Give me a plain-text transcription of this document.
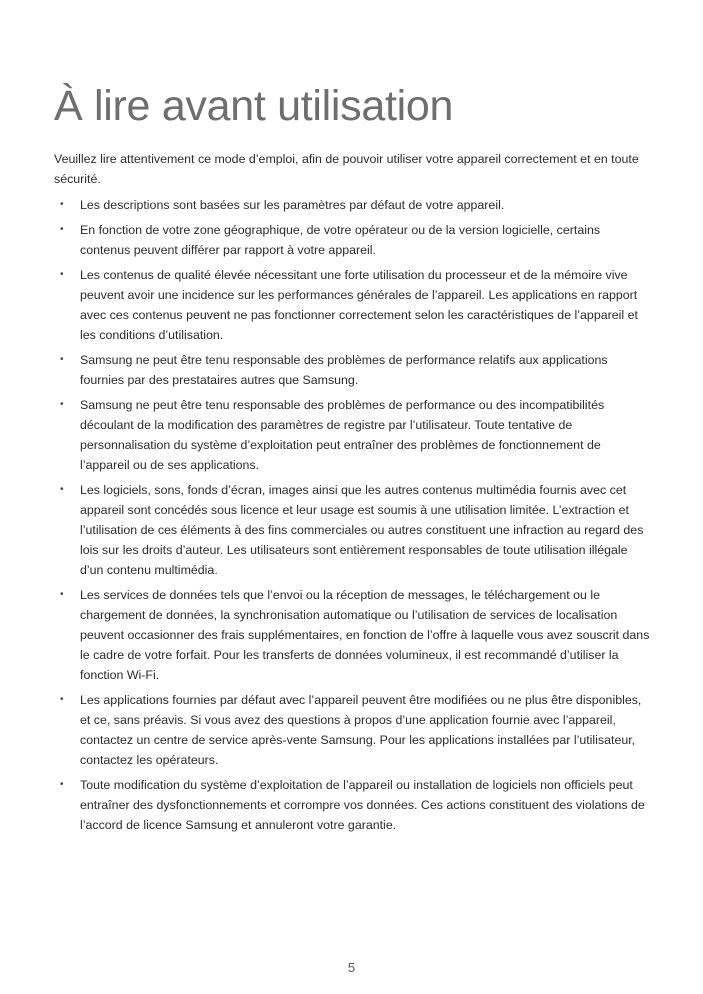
À lire avant utilisation

Veuillez lire attentivement ce mode d’emploi, afin de pouvoir utiliser votre appareil correctement et en toute sécurité.

• Les descriptions sont basées sur les paramètres par défaut de votre appareil.
• En fonction de votre zone géographique, de votre opérateur ou de la version logicielle, certains contenus peuvent différer par rapport à votre appareil.
• Les contenus de qualité élevée nécessitant une forte utilisation du processeur et de la mémoire vive peuvent avoir une incidence sur les performances générales de l’appareil. Les applications en rapport avec ces contenus peuvent ne pas fonctionner correctement selon les caractéristiques de l’appareil et les conditions d’utilisation.
• Samsung ne peut être tenu responsable des problèmes de performance relatifs aux applications fournies par des prestataires autres que Samsung.
• Samsung ne peut être tenu responsable des problèmes de performance ou des incompatibilités découlant de la modification des paramètres de registre par l’utilisateur. Toute tentative de personnalisation du système d’exploitation peut entraîner des problèmes de fonctionnement de l’appareil ou de ses applications.
• Les logiciels, sons, fonds d’écran, images ainsi que les autres contenus multimédia fournis avec cet appareil sont concédés sous licence et leur usage est soumis à une utilisation limitée. L’extraction et l’utilisation de ces éléments à des fins commerciales ou autres constituent une infraction au regard des lois sur les droits d’auteur. Les utilisateurs sont entièrement responsables de toute utilisation illégale d’un contenu multimédia.
• Les services de données tels que l’envoi ou la réception de messages, le téléchargement ou le chargement de données, la synchronisation automatique ou l’utilisation de services de localisation peuvent occasionner des frais supplémentaires, en fonction de l’offre à laquelle vous avez souscrit dans le cadre de votre forfait. Pour les transferts de données volumineux, il est recommandé d’utiliser la fonction Wi-Fi.
• Les applications fournies par défaut avec l’appareil peuvent être modifiées ou ne plus être disponibles, et ce, sans préavis. Si vous avez des questions à propos d’une application fournie avec l’appareil, contactez un centre de service après-vente Samsung. Pour les applications installées par l’utilisateur, contactez les opérateurs.
• Toute modification du système d’exploitation de l’appareil ou installation de logiciels non officiels peut entraîner des dysfonctionnements et corrompre vos données. Ces actions constituent des violations de l’accord de licence Samsung et annuleront votre garantie.
5
